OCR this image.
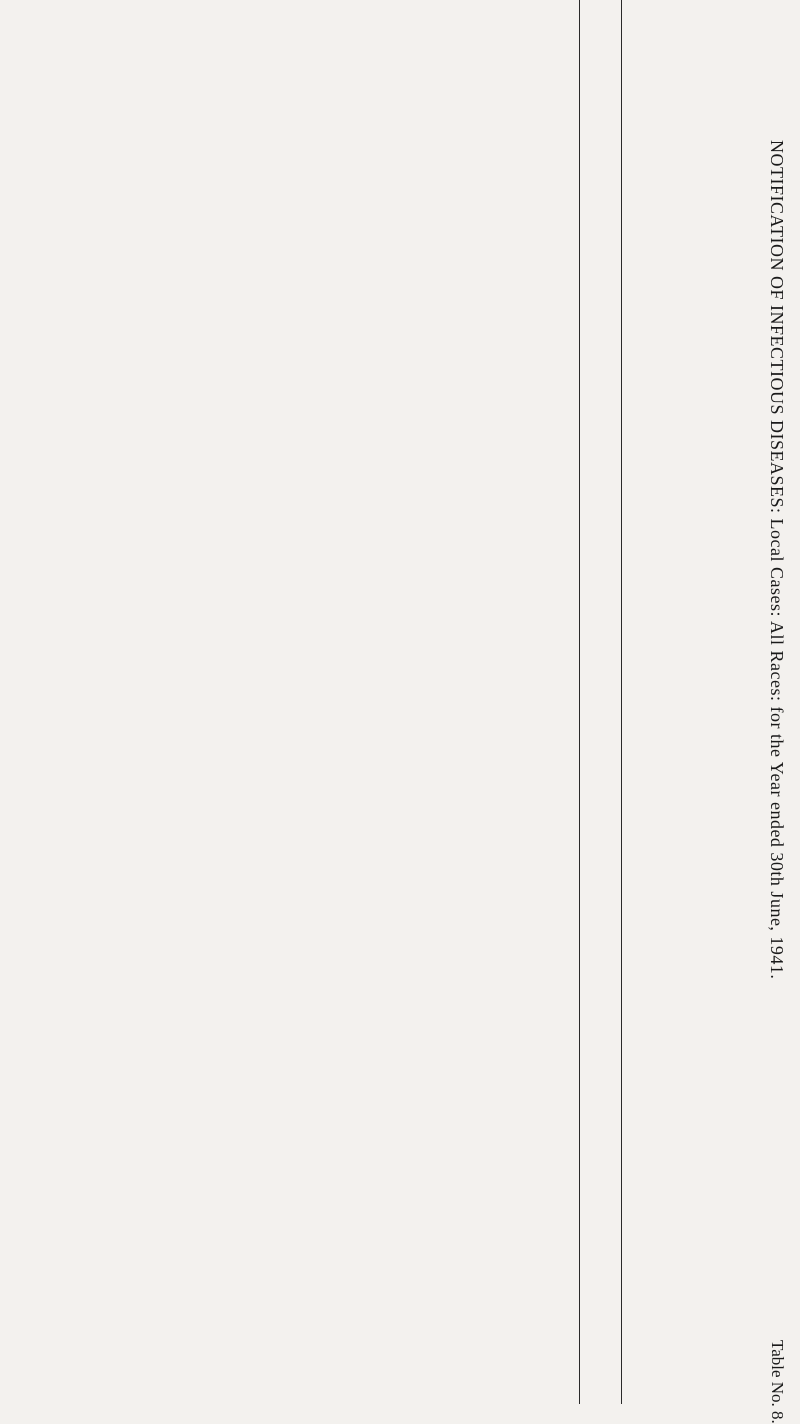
Table No. 8.
NOTIFICATION OF INFECTIOUS DISEASES: Local Cases: All Races: for the Year ended 30th June, 1941.
